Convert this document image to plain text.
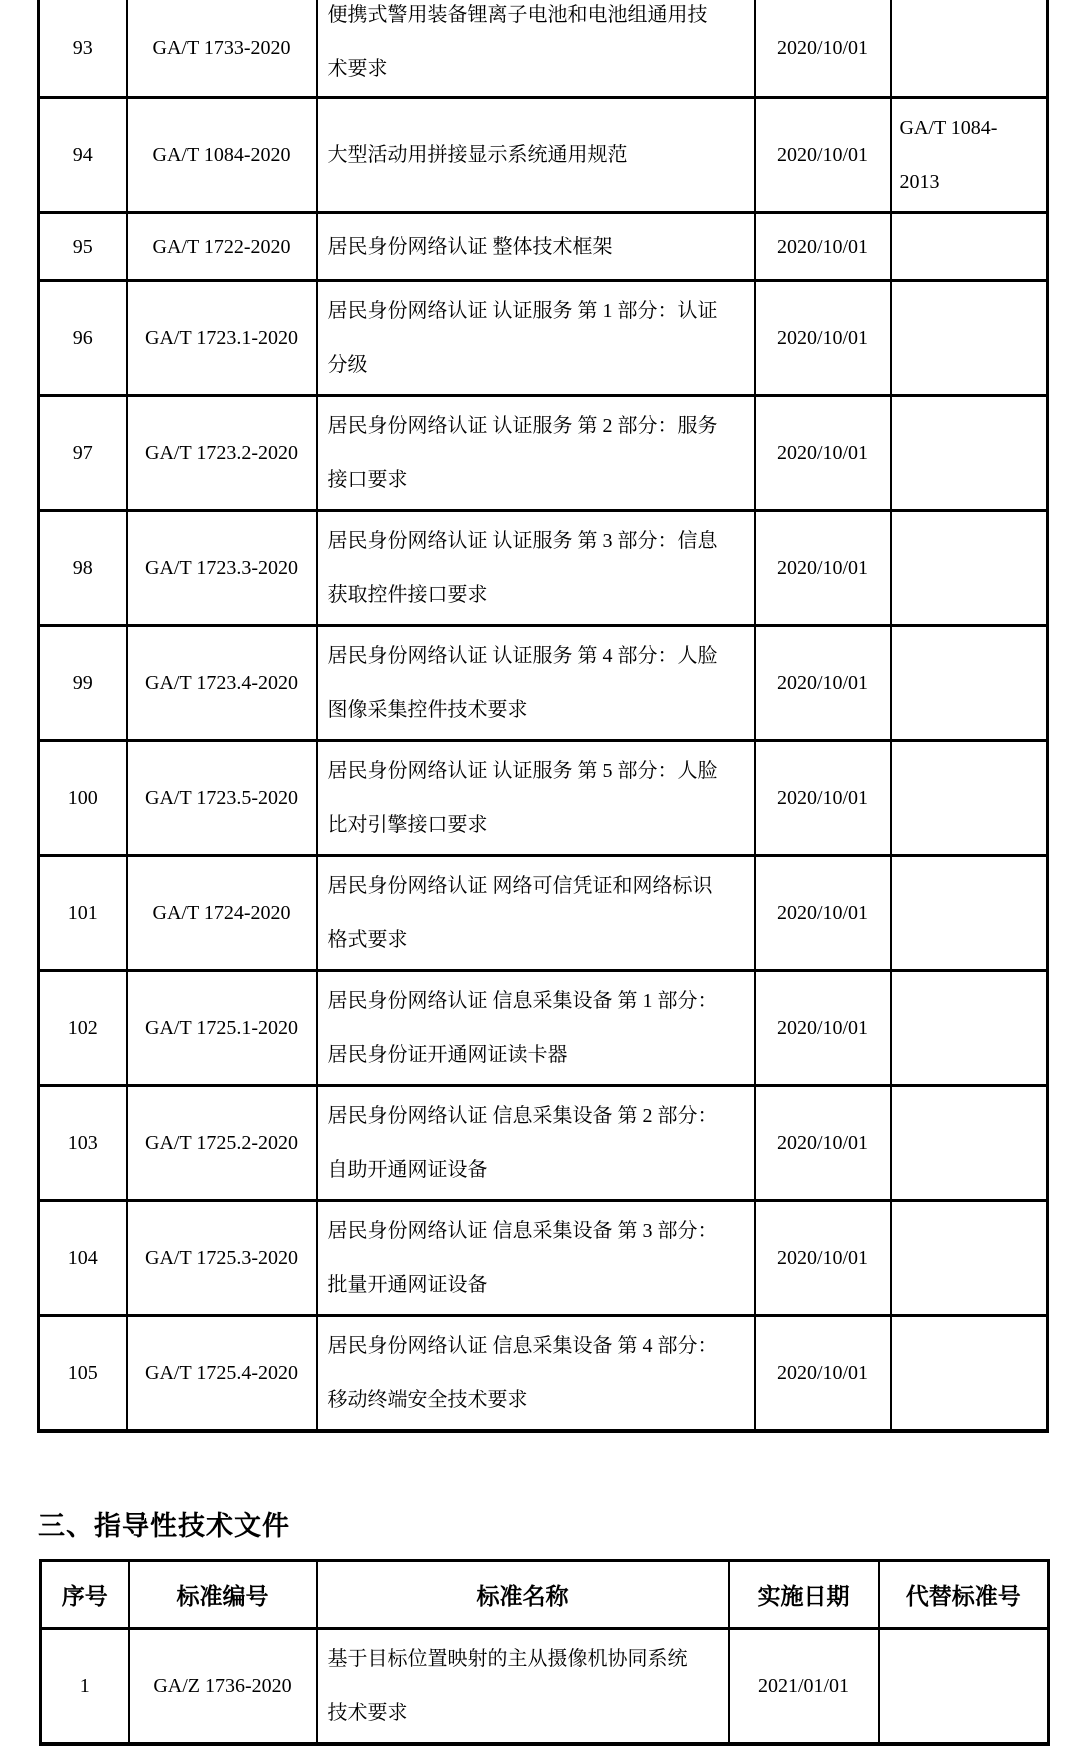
93	GA/T 1733-2020	便携式警用装备锂离子电池和电池组通用技
术要求	2020/10/01	

94	GA/T 1084-2020	大型活动用拼接显示系统通用规范	2020/10/01	GA/T 1084-
2013

95	GA/T 1722-2020	居民身份网络认证 整体技术框架	2020/10/01	

96	GA/T 1723.1-2020	居民身份网络认证 认证服务 第 1 部分：认证
分级	2020/10/01	

97	GA/T 1723.2-2020	居民身份网络认证 认证服务 第 2 部分：服务
接口要求	2020/10/01	

98	GA/T 1723.3-2020	居民身份网络认证 认证服务 第 3 部分：信息
获取控件接口要求	2020/10/01	

99	GA/T 1723.4-2020	居民身份网络认证 认证服务 第 4 部分：人脸
图像采集控件技术要求	2020/10/01	

100	GA/T 1723.5-2020	居民身份网络认证 认证服务 第 5 部分：人脸
比对引擎接口要求	2020/10/01	

101	GA/T 1724-2020	居民身份网络认证 网络可信凭证和网络标识
格式要求	2020/10/01	

102	GA/T 1725.1-2020	居民身份网络认证 信息采集设备 第 1 部分：
居民身份证开通网证读卡器	2020/10/01	

103	GA/T 1725.2-2020	居民身份网络认证 信息采集设备 第 2 部分：
自助开通网证设备	2020/10/01	

104	GA/T 1725.3-2020	居民身份网络认证 信息采集设备 第 3 部分：
批量开通网证设备	2020/10/01	

105	GA/T 1725.4-2020	居民身份网络认证 信息采集设备 第 4 部分：
移动终端安全技术要求	2020/10/01	

三、指导性技术文件
序号	标准编号	标准名称	实施日期	代替标准号

1	GA/Z 1736-2020	基于目标位置映射的主从摄像机协同系统
技术要求	2021/01/01	
